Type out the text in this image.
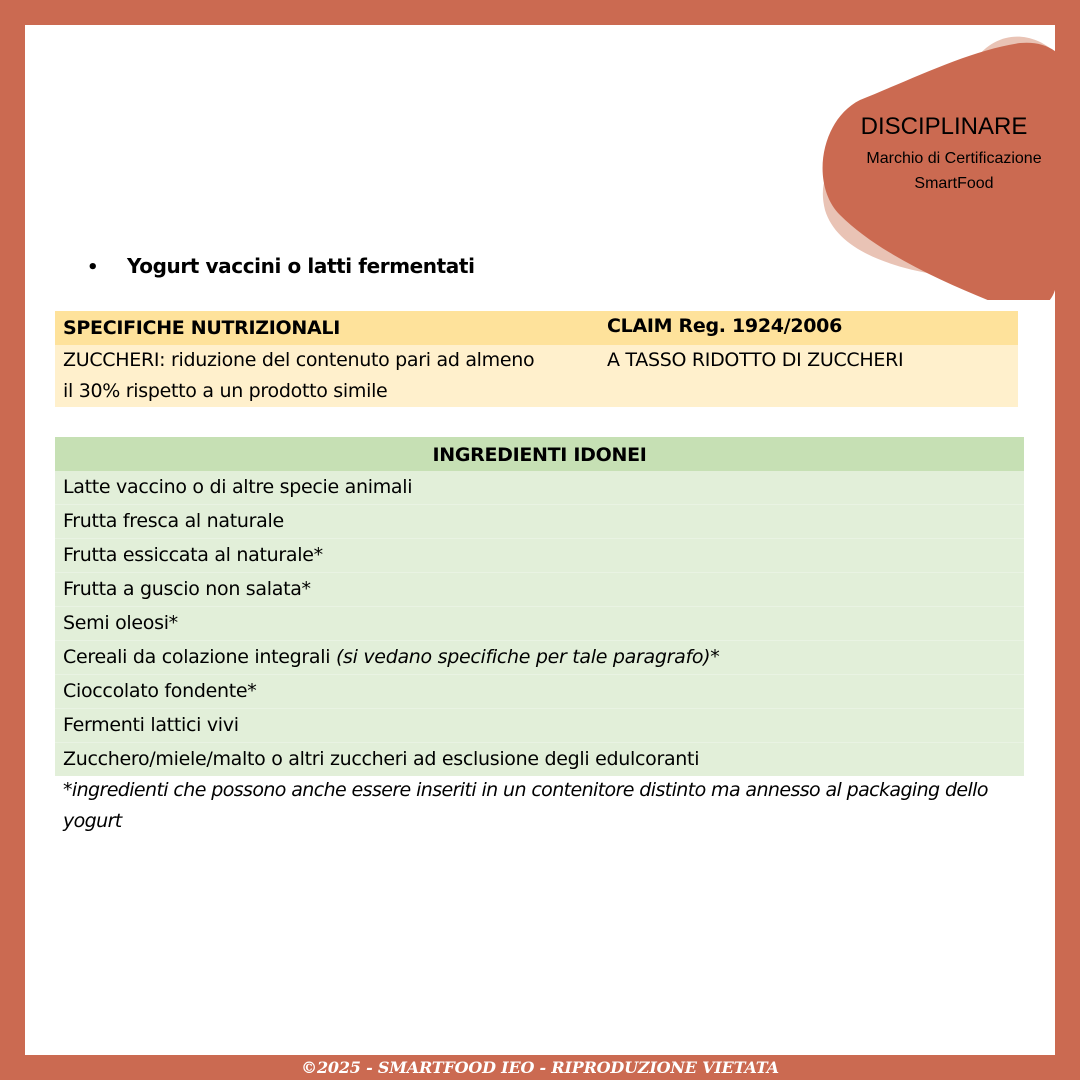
DISCIPLINARE
Marchio di Certificazione
SmartFood
• Yogurt vaccini o latti fermentati
SPECIFICHE NUTRIZIONALI	CLAIM Reg. 1924/2006
ZUCCHERI: riduzione del contenuto pari ad almeno
il 30% rispetto a un prodotto simile
A TASSO RIDOTTO DI ZUCCHERI
INGREDIENTI IDONEI
Latte vaccino o di altre specie animali
Frutta fresca al naturale
Frutta essiccata al naturale*
Frutta a guscio non salata*
Semi oleosi*
Cereali da colazione integrali (si vedano specifiche per tale paragrafo)*
Cioccolato fondente*
Fermenti lattici vivi
Zucchero/miele/malto o altri zuccheri ad esclusione degli edulcoranti
*ingredienti che possono anche essere inseriti in un contenitore distinto ma annesso al packaging dello yogurt
©2025 - SMARTFOOD IEO - RIPRODUZIONE VIETATA
